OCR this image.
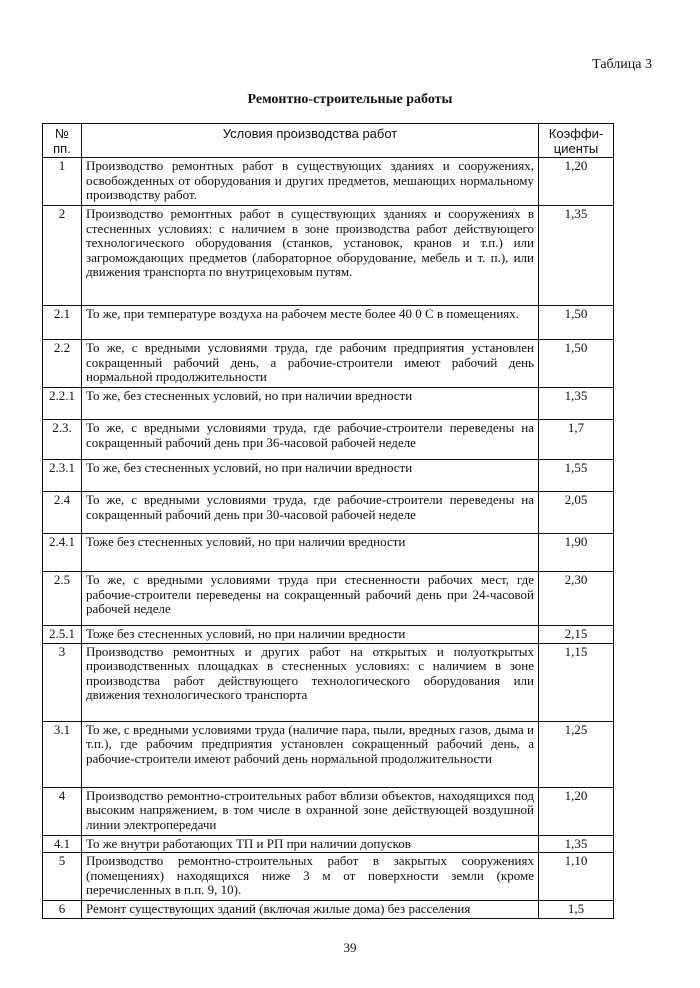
Таблица 3
Ремонтно-строительные работы
№ пп.	Условия производства работ	Коэффи-циенты
1	Производство ремонтных работ в существующих зданиях и сооружениях, освобожденных от оборудования и других предметов, мешающих нормальному производству работ.	1,20
2	Производство ремонтных работ в существующих зданиях и сооружениях в стесненных условиях: с наличием в зоне производства работ действующего технологического оборудования (станков, установок, кранов и т.п.) или загромождающих предметов (лабораторное оборудование, мебель и т. п.), или движения транспорта по внутрицеховым путям.	1,35
2.1	То же, при температуре воздуха на рабочем месте более 40 0 С в помещениях.	1,50
2.2	То же, с вредными условиями труда, где рабочим предприятия установлен сокращенный рабочий день, а рабочие-строители имеют рабочий день нормальной продолжительности	1,50
2.2.1	То же, без стесненных условий, но при наличии вредности	1,35
2.3.	То же, с вредными условиями труда, где рабочие-строители переведены на сокращенный рабочий день при 36-часовой рабочей неделе	1,7
2.3.1	То же, без стесненных условий, но при наличии вредности	1,55
2.4	То же, с вредными условиями труда, где рабочие-строители переведены на сокращенный рабочий день при 30-часовой рабочей неделе	2,05
2.4.1	Тоже без стесненных условий, но при наличии вредности	1,90
2.5	То же, с вредными условиями труда при стесненности рабочих мест, где рабочие-строители переведены на сокращенный рабочий день при 24-часовой рабочей неделе	2,30
2.5.1	Тоже без стесненных условий, но при наличии вредности	2,15
3	Производство ремонтных и других работ на открытых и полуоткрытых производственных площадках в стесненных условиях: с наличием в зоне производства работ действующего технологического оборудования или движения технологического транспорта	1,15
3.1	То же, с вредными условиями труда (наличие пара, пыли, вредных газов, дыма и т.п.), где рабочим предприятия установлен сокращенный рабочий день, а рабочие-строители имеют рабочий день нормальной продолжительности	1,25
4	Производство ремонтно-строительных работ вблизи объектов, находящихся под высоким напряжением, в том числе в охранной зоне действующей воздушной линии электропередачи	1,20
4.1	То же внутри работающих ТП и РП при наличии допусков	1,35
5	Производство ремонтно-строительных работ в закрытых сооружениях (помещениях) находящихся ниже 3 м от поверхности земли (кроме перечисленных в п.п. 9, 10).	1,10
6	Ремонт существующих зданий (включая жилые дома) без расселения	1,5
39
